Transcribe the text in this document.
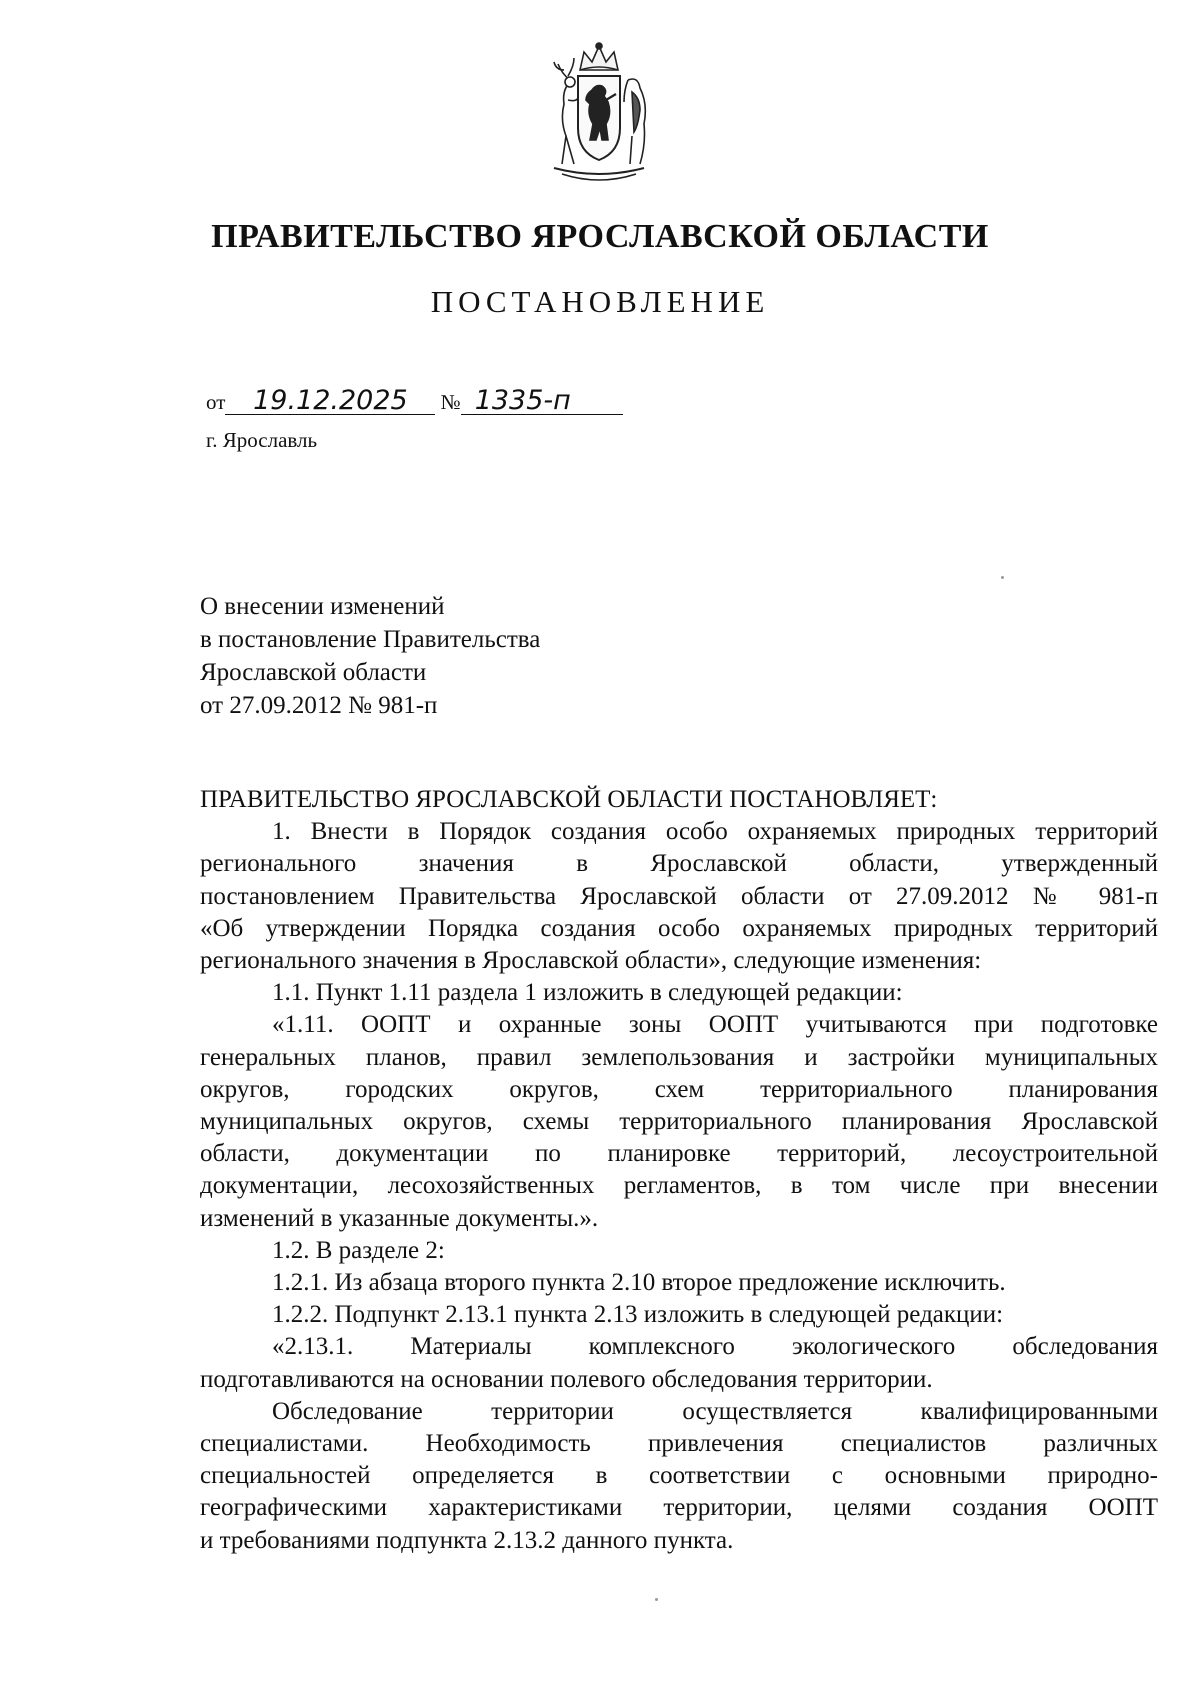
ПРАВИТЕЛЬСТВО ЯРОСЛАВСКОЙ ОБЛАСТИ
ПОСТАНОВЛЕНИЕ
от 19.12.2025 № 1335-п
г. Ярославль
О внесении изменений
в постановление Правительства
Ярославской области
от 27.09.2012 № 981-п

ПРАВИТЕЛЬСТВО ЯРОСЛАВСКОЙ ОБЛАСТИ ПОСТАНОВЛЯЕТ:

1. Внести в Порядок создания особо охраняемых природных территорий

регионального значения в Ярославской области, утвержденный

постановлением Правительства Ярославской области от 27.09.2012 № 981-п

«Об утверждении Порядка создания особо охраняемых природных территорий

регионального значения в Ярославской области», следующие изменения:

1.1. Пункт 1.11 раздела 1 изложить в следующей редакции:

«1.11. ООПТ и охранные зоны ООПТ учитываются при подготовке

генеральных планов, правил землепользования и застройки муниципальных

округов, городских округов, схем территориального планирования

муниципальных округов, схемы территориального планирования Ярославской

области, документации по планировке территорий, лесоустроительной

документации, лесохозяйственных регламентов, в том числе при внесении

изменений в указанные документы.».

1.2. В разделе 2:

1.2.1. Из абзаца второго пункта 2.10 второе предложение исключить.

1.2.2. Подпункт 2.13.1 пункта 2.13 изложить в следующей редакции:

«2.13.1. Материалы комплексного экологического обследования

подготавливаются на основании полевого обследования территории.

Обследование территории осуществляется квалифицированными

специалистами. Необходимость привлечения специалистов различных

специальностей определяется в соответствии с основными природно-

географическими характеристиками территории, целями создания ООПТ

и требованиями подпункта 2.13.2 данного пункта.
